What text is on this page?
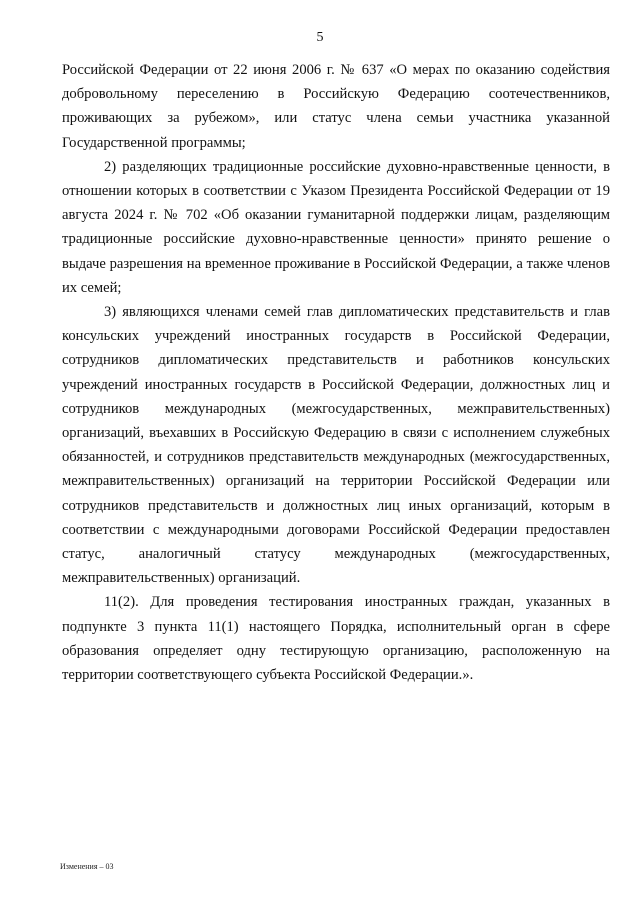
5

Российской Федерации от 22 июня 2006 г. № 637 «О мерах по оказанию содействия добровольному переселению в Российскую Федерацию соотечественников, проживающих за рубежом», или статус члена семьи участника указанной Государственной программы;

2) разделяющих традиционные российские духовно-нравственные ценности, в отношении которых в соответствии с Указом Президента Российской Федерации от 19 августа 2024 г. № 702 «Об оказании гуманитарной поддержки лицам, разделяющим традиционные российские духовно-нравственные ценности» принято решение о выдаче разрешения на временное проживание в Российской Федерации, а также членов их семей;

3) являющихся членами семей глав дипломатических представительств и глав консульских учреждений иностранных государств в Российской Федерации, сотрудников дипломатических представительств и работников консульских учреждений иностранных государств в Российской Федерации, должностных лиц и сотрудников международных (межгосударственных, межправительственных) организаций, въехавших в Российскую Федерацию в связи с исполнением служебных обязанностей, и сотрудников представительств международных (межгосударственных, межправительственных) организаций на территории Российской Федерации или сотрудников представительств и должностных лиц иных организаций, которым в соответствии с международными договорами Российской Федерации предоставлен статус, аналогичный статусу международных (межгосударственных, межправительственных) организаций.

11(2). Для проведения тестирования иностранных граждан, указанных в подпункте 3 пункта 11(1) настоящего Порядка, исполнительный орган в сфере образования определяет одну тестирующую организацию, расположенную на территории соответствующего субъекта Российской Федерации.».

Изменения – 03
